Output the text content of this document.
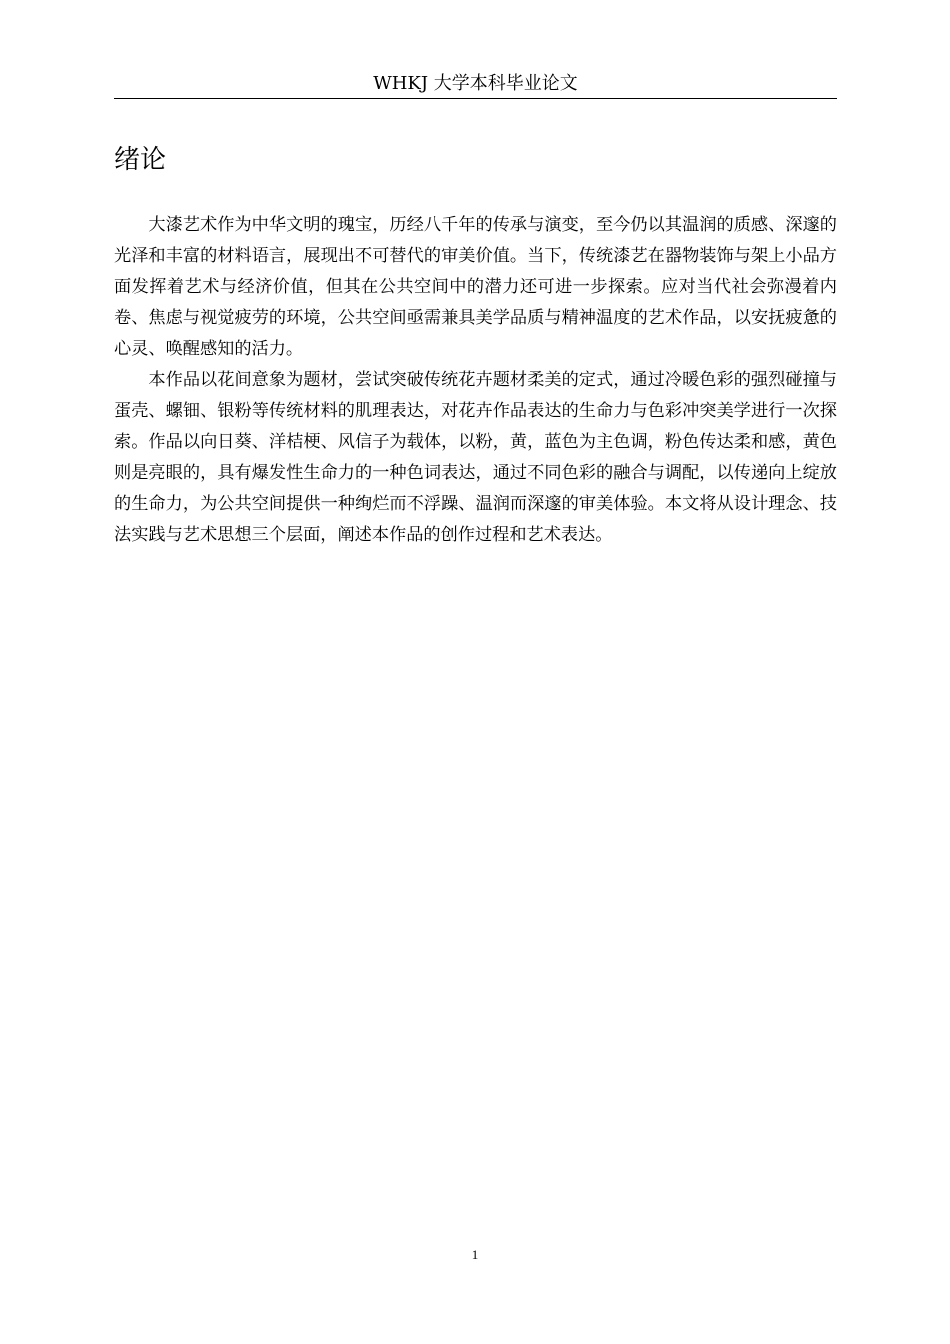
WHKJ 大学本科毕业论文
绪论

大漆艺术作为中华文明的瑰宝，历经八千年的传承与演变，至今仍以其温润的质感、深邃的光泽和丰富的材料语言，展现出不可替代的审美价值。当下，传统漆艺在器物装饰与架上小品方面发挥着艺术与经济价值，但其在公共空间中的潜力还可进一步探索。应对当代社会弥漫着内卷、焦虑与视觉疲劳的环境，公共空间亟需兼具美学品质与精神温度的艺术作品，以安抚疲惫的心灵、唤醒感知的活力。

本作品以花间意象为题材，尝试突破传统花卉题材柔美的定式，通过冷暖色彩的强烈碰撞与蛋壳、螺钿、银粉等传统材料的肌理表达，对花卉作品表达的生命力与色彩冲突美学进行一次探索。作品以向日葵、洋桔梗、风信子为载体，以粉，黄，蓝色为主色调，粉色传达柔和感，黄色则是亮眼的，具有爆发性生命力的一种色词表达，通过不同色彩的融合与调配，以传递向上绽放的生命力，为公共空间提供一种绚烂而不浮躁、温润而深邃的审美体验。本文将从设计理念、技法实践与艺术思想三个层面，阐述本作品的创作过程和艺术表达。

1
